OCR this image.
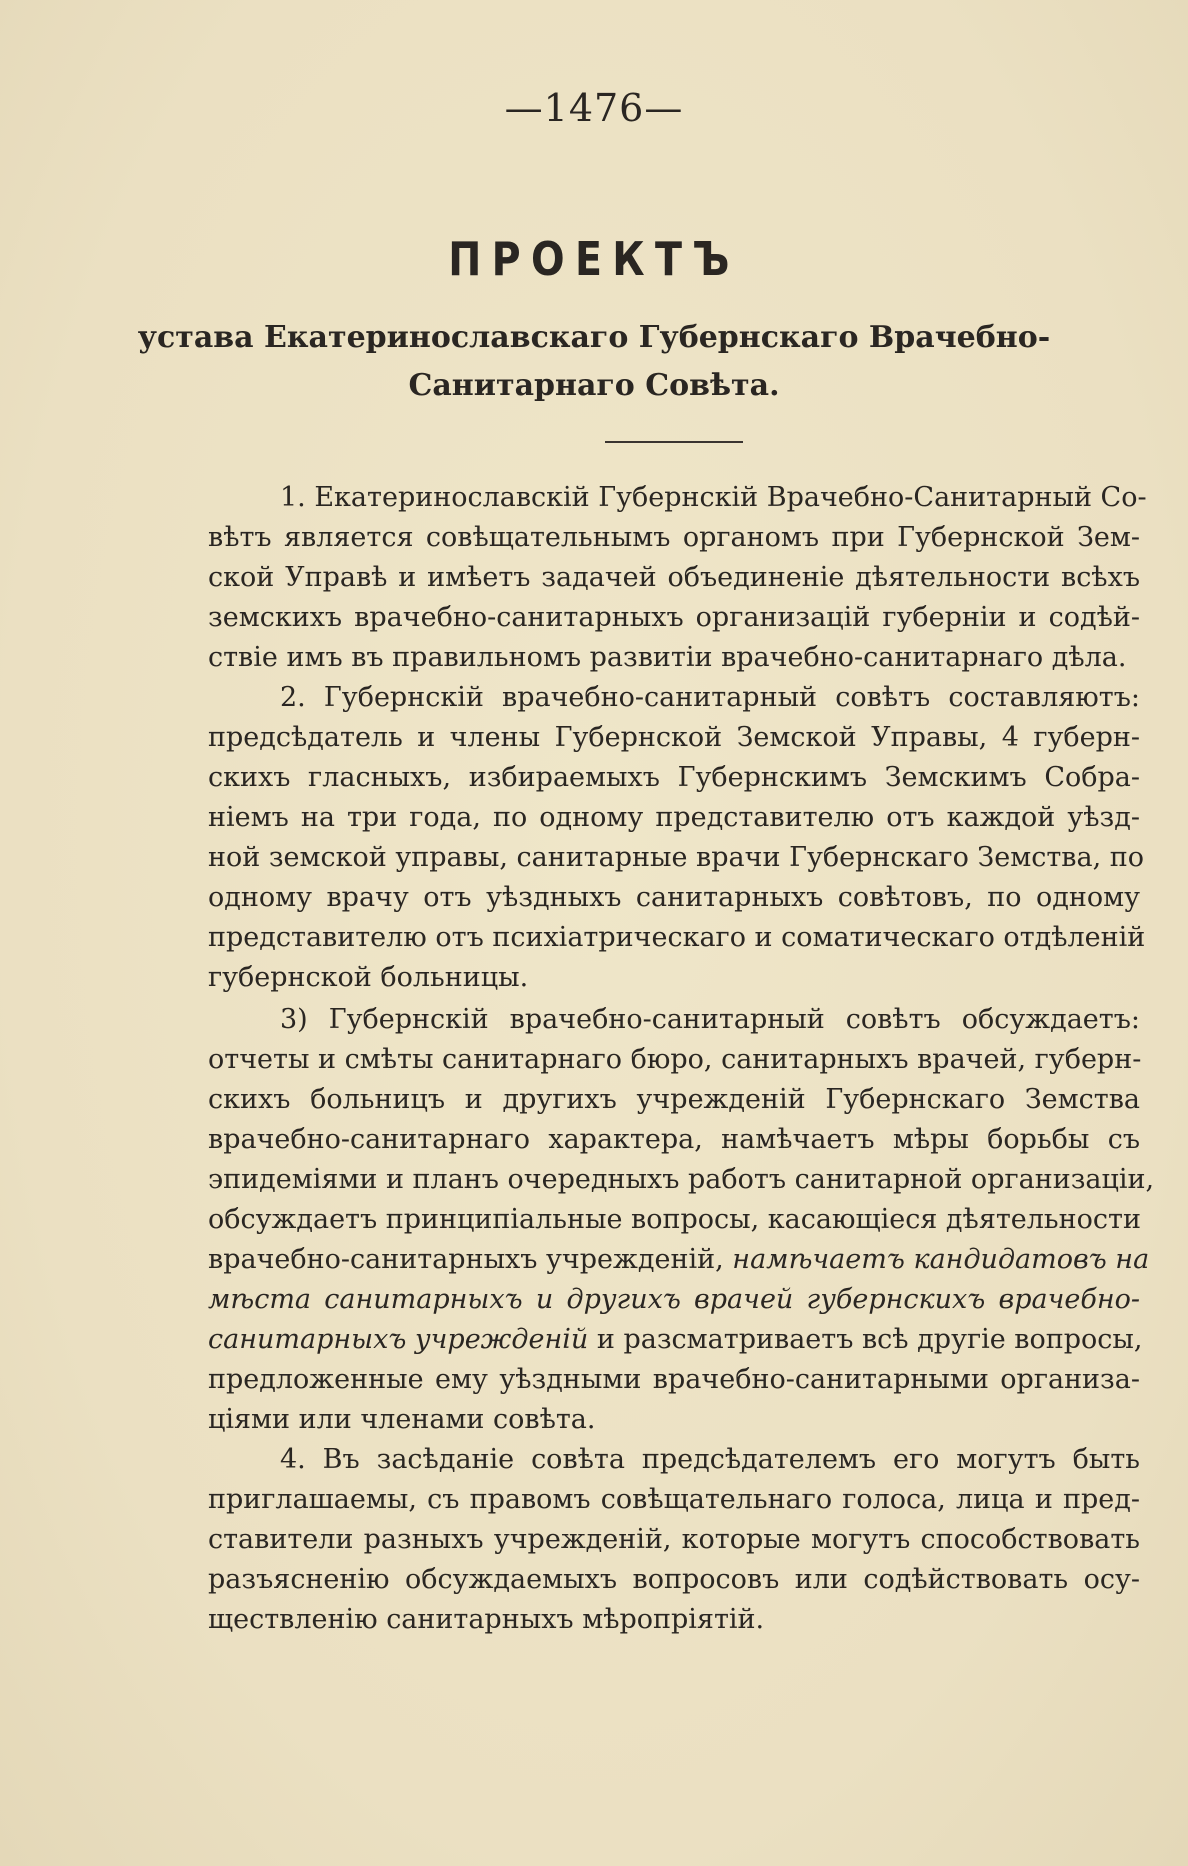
—1476—
ПРОЕКТЪ
устава Екатеринославскаго Губернскаго Врачебно-
Санитарнаго Совѣта.
1. Екатеринославскій Губернскій Врачебно-Санитарный Со-
вѣтъ является совѣщательнымъ органомъ при Губернской Зем-
ской Управѣ и имѣетъ задачей объединеніе дѣятельности всѣхъ
земскихъ врачебно-санитарныхъ организацій губерніи и содѣй-
ствіе имъ въ правильномъ развитіи врачебно-санитарнаго дѣла.
2. Губернскій врачебно-санитарный совѣтъ составляютъ:
предсѣдатель и члены Губернской Земской Управы, 4 губерн-
скихъ гласныхъ, избираемыхъ Губернскимъ Земскимъ Собра-
ніемъ на три года, по одному представителю отъ каждой уѣзд-
ной земской управы, санитарные врачи Губернскаго Земства, по
одному врачу отъ уѣздныхъ санитарныхъ совѣтовъ, по одному
представителю отъ психіатрическаго и соматическаго отдѣленій
губернской больницы.
3) Губернскій врачебно-санитарный совѣтъ обсуждаетъ:
отчеты и смѣты санитарнаго бюро, санитарныхъ врачей, губерн-
скихъ больницъ и другихъ учрежденій Губернскаго Земства
врачебно-санитарнаго характера, намѣчаетъ мѣры борьбы съ
эпидеміями и планъ очередныхъ работъ санитарной организаціи,
обсуждаетъ принципіальные вопросы, касающіеся дѣятельности
врачебно-санитарныхъ учрежденій, намѣчаетъ кандидатовъ на
мѣста санитарныхъ и другихъ врачей губернскихъ врачебно-
санитарныхъ учрежденій и разсматриваетъ всѣ другіе вопросы,
предложенные ему уѣздными врачебно-санитарными организа-
ціями или членами совѣта.
4. Въ засѣданіе совѣта предсѣдателемъ его могутъ быть
приглашаемы, съ правомъ совѣщательнаго голоса, лица и пред-
ставители разныхъ учрежденій, которые могутъ способствовать
разъясненію обсуждаемыхъ вопросовъ или содѣйствовать осу-
ществленію санитарныхъ мѣропріятій.
